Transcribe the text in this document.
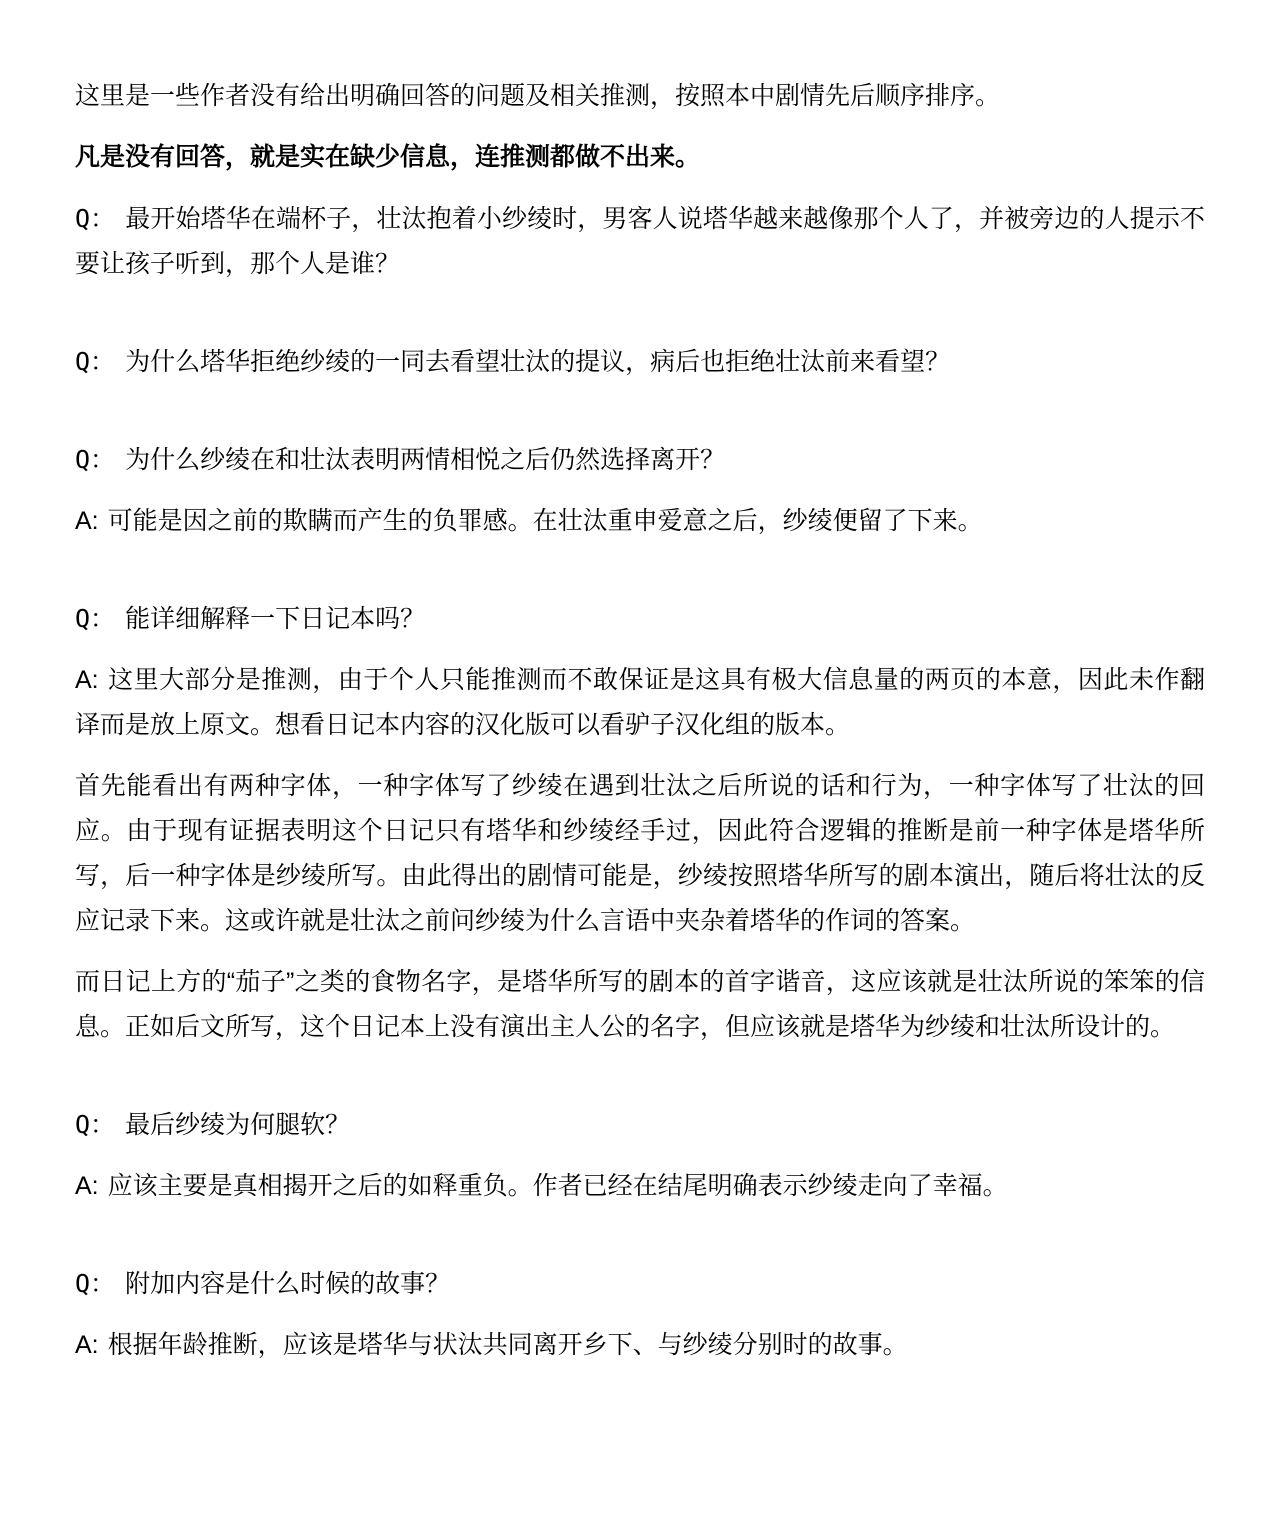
这里是一些作者没有给出明确回答的问题及相关推测，按照本中剧情先后顺序排序。

凡是没有回答，就是实在缺少信息，连推测都做不出来。

Q： 最开始塔华在端杯子，壮汰抱着小纱绫时，男客人说塔华越来越像那个人了，并被旁边的人提示不要让孩子听到，那个人是谁？

Q： 为什么塔华拒绝纱绫的一同去看望壮汰的提议，病后也拒绝壮汰前来看望？

Q： 为什么纱绫在和壮汰表明两情相悦之后仍然选择离开？

A: 可能是因之前的欺瞒而产生的负罪感。在壮汰重申爱意之后，纱绫便留了下来。

Q： 能详细解释一下日记本吗？

A: 这里大部分是推测，由于个人只能推测而不敢保证是这具有极大信息量的两页的本意，因此未作翻译而是放上原文。想看日记本内容的汉化版可以看驴子汉化组的版本。

首先能看出有两种字体，一种字体写了纱绫在遇到壮汰之后所说的话和行为，一种字体写了壮汰的回应。由于现有证据表明这个日记只有塔华和纱绫经手过，因此符合逻辑的推断是前一种字体是塔华所写，后一种字体是纱绫所写。由此得出的剧情可能是，纱绫按照塔华所写的剧本演出，随后将壮汰的反应记录下来。这或许就是壮汰之前问纱绫为什么言语中夹杂着塔华的作词的答案。

而日记上方的“茄子”之类的食物名字，是塔华所写的剧本的首字谐音，这应该就是壮汰所说的笨笨的信息。正如后文所写，这个日记本上没有演出主人公的名字，但应该就是塔华为纱绫和壮汰所设计的。

Q： 最后纱绫为何腿软？

A: 应该主要是真相揭开之后的如释重负。作者已经在结尾明确表示纱绫走向了幸福。

Q： 附加内容是什么时候的故事？

A: 根据年龄推断，应该是塔华与状汰共同离开乡下、与纱绫分别时的故事。
